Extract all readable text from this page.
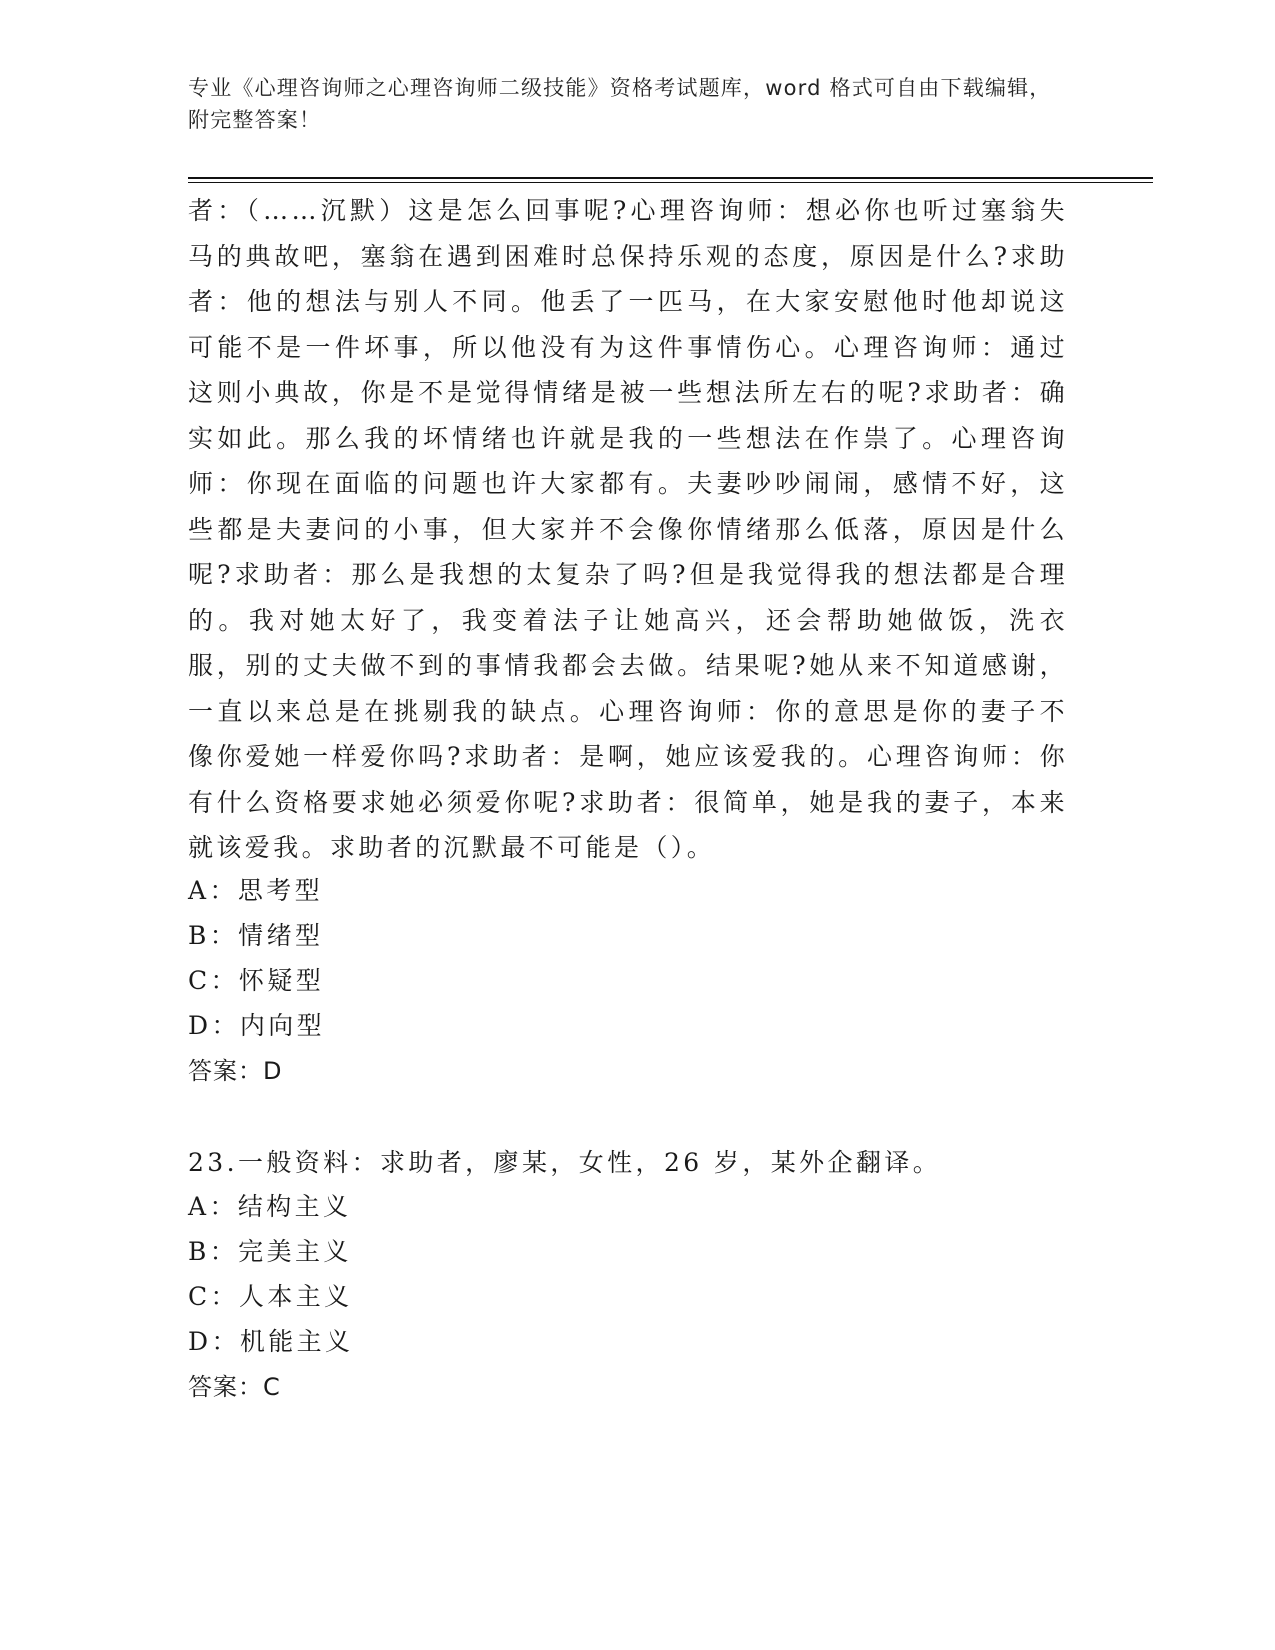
专业《心理咨询师之心理咨询师二级技能》资格考试题库，word 格式可自由下载编辑，附完整答案！
者：（……沉默）这是怎么回事呢?心理咨询师：想必你也听过塞翁失马的典故吧，塞翁在遇到困难时总保持乐观的态度，原因是什么?求助者：他的想法与别人不同。他丢了一匹马，在大家安慰他时他却说这可能不是一件坏事，所以他没有为这件事情伤心。心理咨询师：通过这则小典故，你是不是觉得情绪是被一些想法所左右的呢?求助者：确实如此。那么我的坏情绪也许就是我的一些想法在作祟了。心理咨询师：你现在面临的问题也许大家都有。夫妻吵吵闹闹，感情不好，这些都是夫妻问的小事，但大家并不会像你情绪那么低落，原因是什么呢?求助者：那么是我想的太复杂了吗?但是我觉得我的想法都是合理的。我对她太好了，我变着法子让她高兴，还会帮助她做饭，洗衣服，别的丈夫做不到的事情我都会去做。结果呢?她从来不知道感谢，一直以来总是在挑剔我的缺点。心理咨询师：你的意思是你的妻子不像你爱她一样爱你吗?求助者：是啊，她应该爱我的。心理咨询师：你有什么资格要求她必须爱你呢?求助者：很简单，她是我的妻子，本来就该爱我。求助者的沉默最不可能是（）。

A：思考型

B：情绪型

C：怀疑型

D：内向型

答案：D

23.一般资料：求助者，廖某，女性，26 岁，某外企翻译。

A：结构主义

B：完美主义

C：人本主义

D：机能主义

答案：C
